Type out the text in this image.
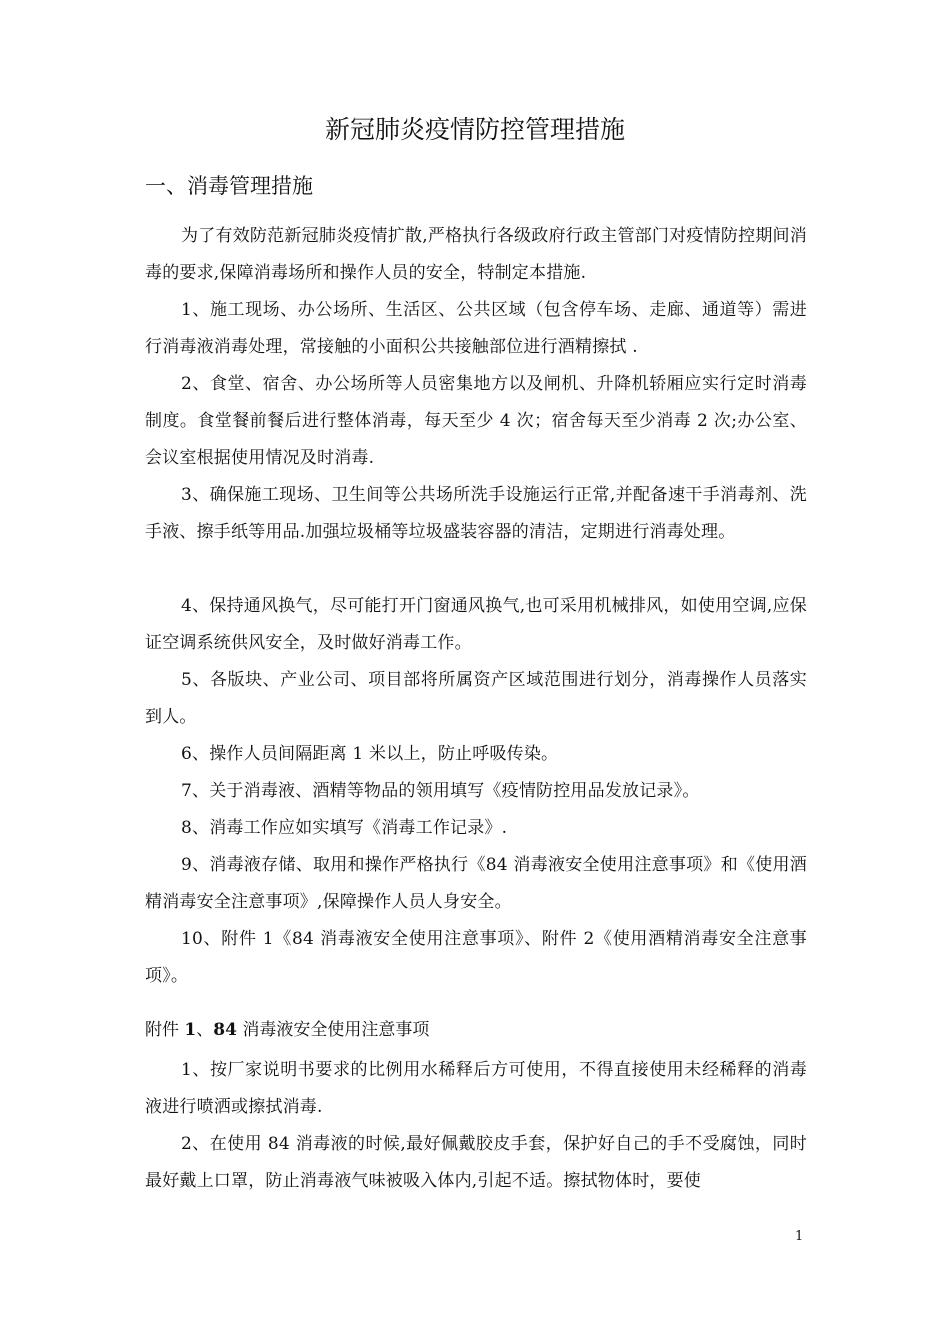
新冠肺炎疫情防控管理措施
一、消毒管理措施

为了有效防范新冠肺炎疫情扩散,严格执行各级政府行政主管部门对疫情防控期间消毒的要求,保障消毒场所和操作人员的安全，特制定本措施.

1、施工现场、办公场所、生活区、公共区域（包含停车场、走廊、通道等）需进行消毒液消毒处理，常接触的小面积公共接触部位进行酒精擦拭 .

2、食堂、宿舍、办公场所等人员密集地方以及闸机、升降机轿厢应实行定时消毒制度。食堂餐前餐后进行整体消毒，每天至少 4 次；宿舍每天至少消毒 2 次;办公室、会议室根据使用情况及时消毒.

3、确保施工现场、卫生间等公共场所洗手设施运行正常,并配备速干手消毒剂、洗手液、擦手纸等用品.加强垃圾桶等垃圾盛装容器的清洁，定期进行消毒处理。

4、保持通风换气，尽可能打开门窗通风换气,也可采用机械排风，如使用空调,应保证空调系统供风安全，及时做好消毒工作。

5、各版块、产业公司、项目部将所属资产区域范围进行划分，消毒操作人员落实到人。

6、操作人员间隔距离 1 米以上，防止呼吸传染。

7、关于消毒液、酒精等物品的领用填写《疫情防控用品发放记录》。

8、消毒工作应如实填写《消毒工作记录》.

9、消毒液存储、取用和操作严格执行《84 消毒液安全使用注意事项》和《使用酒精消毒安全注意事项》,保障操作人员人身安全。

10、附件 1《84 消毒液安全使用注意事项》、附件 2《使用酒精消毒安全注意事项》。

附件 1、84 消毒液安全使用注意事项

1、按厂家说明书要求的比例用水稀释后方可使用，不得直接使用未经稀释的消毒液进行喷洒或擦拭消毒.

2、在使用 84 消毒液的时候,最好佩戴胶皮手套，保护好自己的手不受腐蚀，同时最好戴上口罩，防止消毒液气味被吸入体内,引起不适。擦拭物体时，要使

1
